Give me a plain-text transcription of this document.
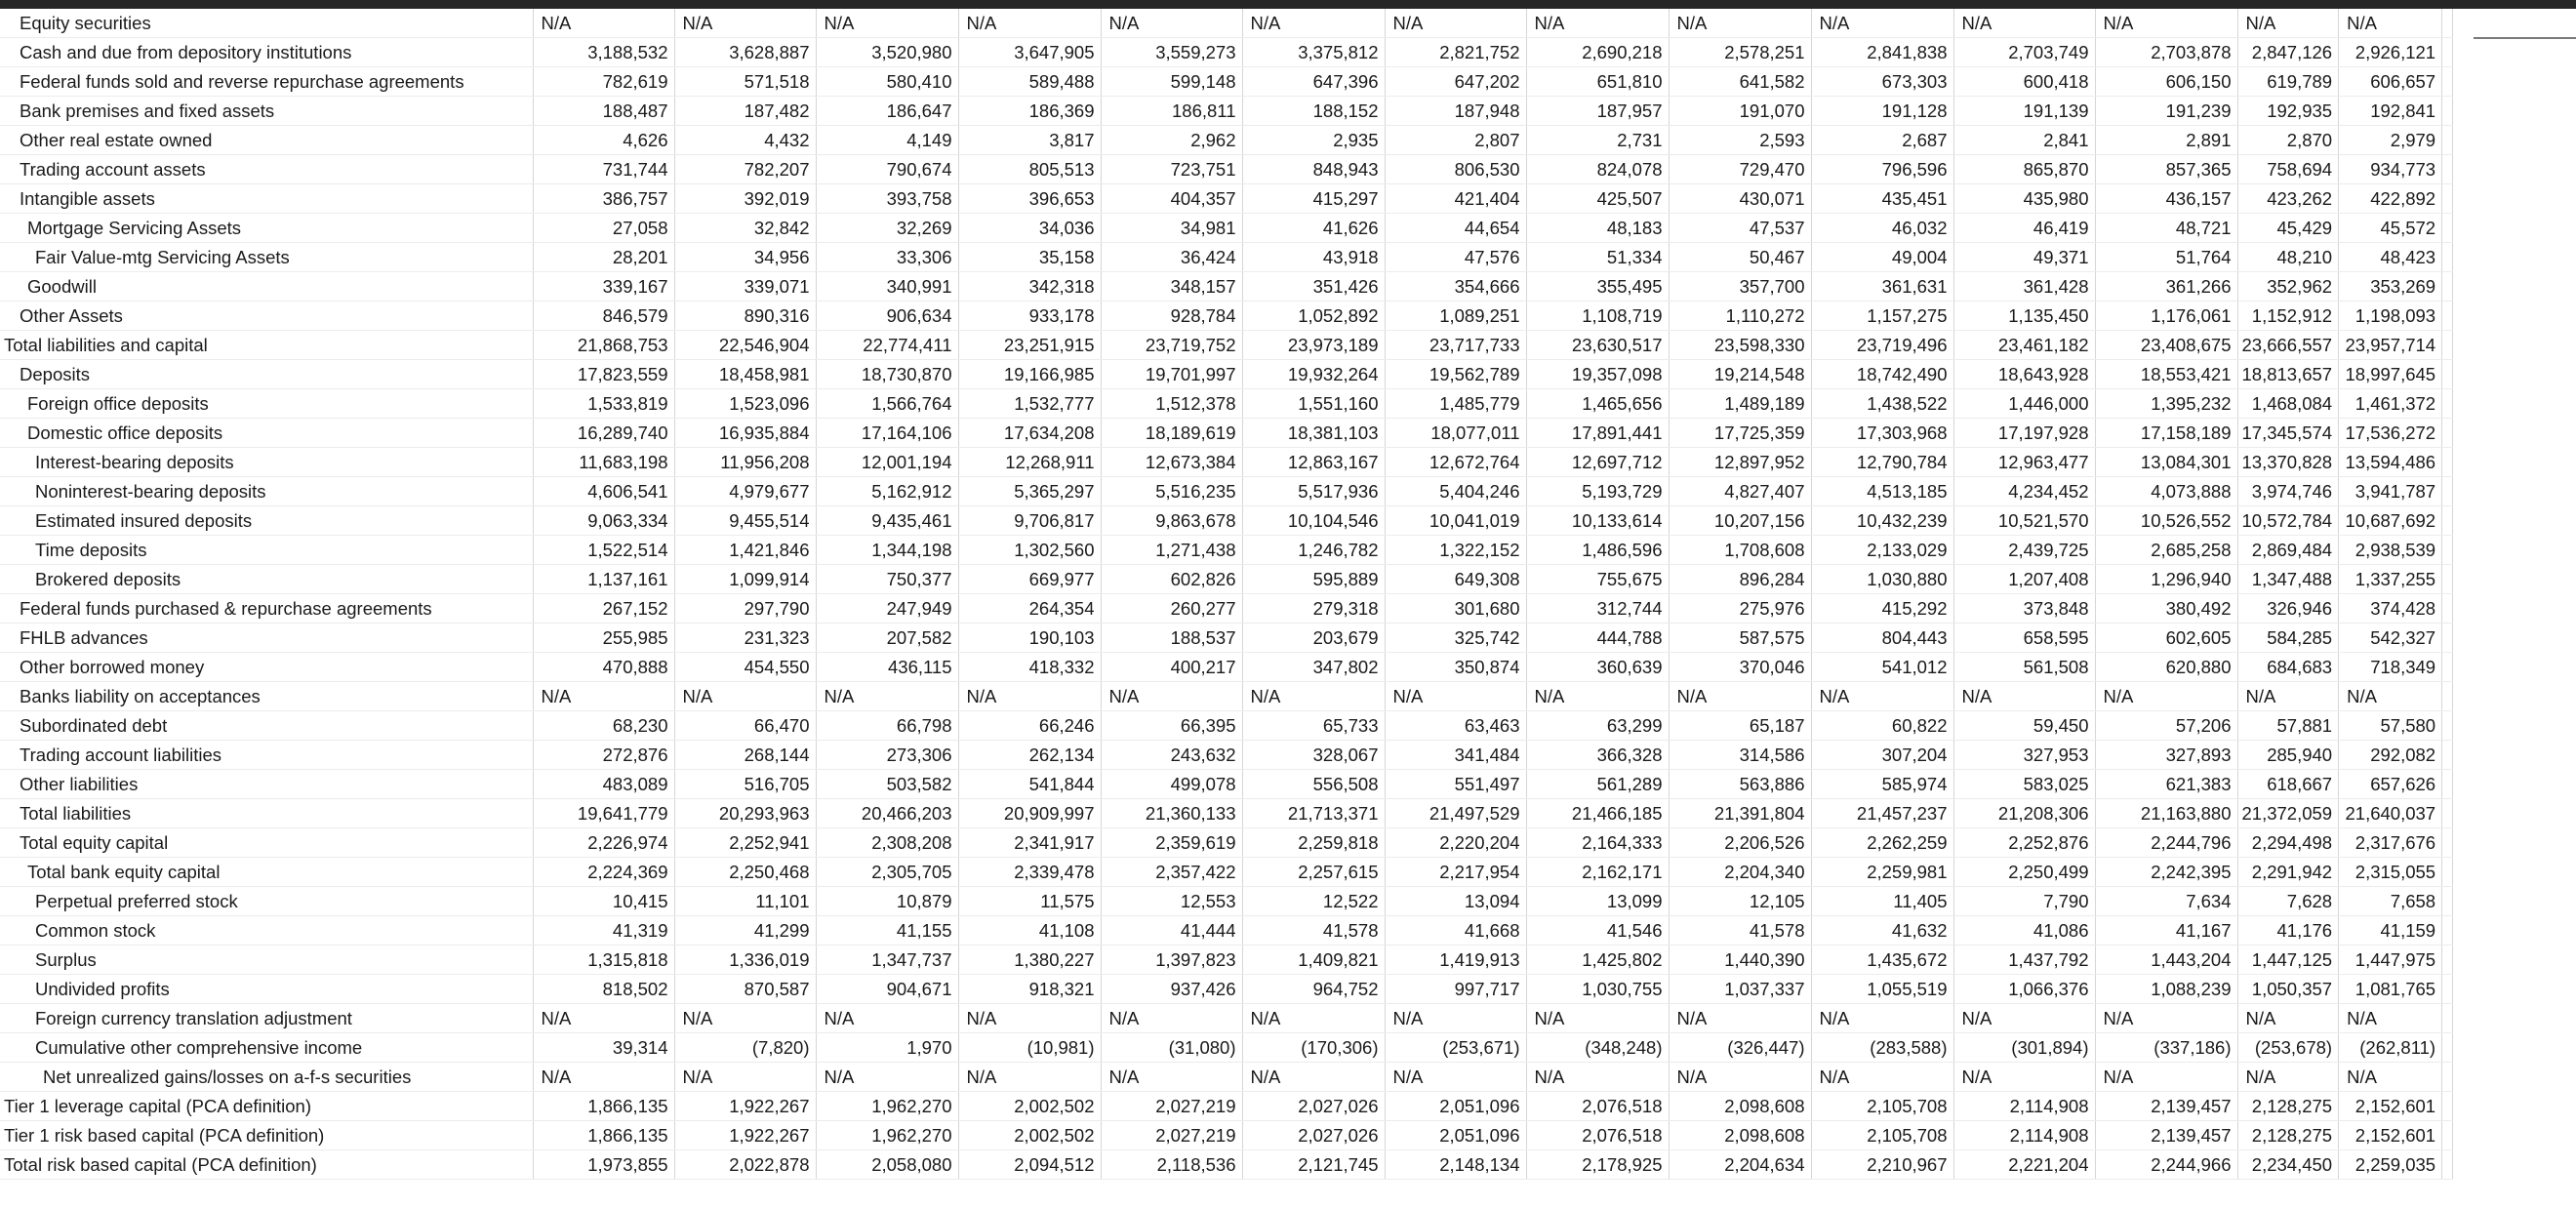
Equity securities	N/A	N/A	N/A	N/A	N/A	N/A	N/A	N/A	N/A	N/A	N/A	N/A	N/A	N/A	
Cash and due from depository institutions	3,188,532	3,628,887	3,520,980	3,647,905	3,559,273	3,375,812	2,821,752	2,690,218	2,578,251	2,841,838	2,703,749	2,703,878	2,847,126	2,926,121	
Federal funds sold and reverse repurchase agreements	782,619	571,518	580,410	589,488	599,148	647,396	647,202	651,810	641,582	673,303	600,418	606,150	619,789	606,657	
Bank premises and fixed assets	188,487	187,482	186,647	186,369	186,811	188,152	187,948	187,957	191,070	191,128	191,139	191,239	192,935	192,841	
Other real estate owned	4,626	4,432	4,149	3,817	2,962	2,935	2,807	2,731	2,593	2,687	2,841	2,891	2,870	2,979	
Trading account assets	731,744	782,207	790,674	805,513	723,751	848,943	806,530	824,078	729,470	796,596	865,870	857,365	758,694	934,773	
Intangible assets	386,757	392,019	393,758	396,653	404,357	415,297	421,404	425,507	430,071	435,451	435,980	436,157	423,262	422,892	
Mortgage Servicing Assets	27,058	32,842	32,269	34,036	34,981	41,626	44,654	48,183	47,537	46,032	46,419	48,721	45,429	45,572	
Fair Value-mtg Servicing Assets	28,201	34,956	33,306	35,158	36,424	43,918	47,576	51,334	50,467	49,004	49,371	51,764	48,210	48,423	
Goodwill	339,167	339,071	340,991	342,318	348,157	351,426	354,666	355,495	357,700	361,631	361,428	361,266	352,962	353,269	
Other Assets	846,579	890,316	906,634	933,178	928,784	1,052,892	1,089,251	1,108,719	1,110,272	1,157,275	1,135,450	1,176,061	1,152,912	1,198,093	
Total liabilities and capital	21,868,753	22,546,904	22,774,411	23,251,915	23,719,752	23,973,189	23,717,733	23,630,517	23,598,330	23,719,496	23,461,182	23,408,675	23,666,557	23,957,714	
Deposits	17,823,559	18,458,981	18,730,870	19,166,985	19,701,997	19,932,264	19,562,789	19,357,098	19,214,548	18,742,490	18,643,928	18,553,421	18,813,657	18,997,645	
Foreign office deposits	1,533,819	1,523,096	1,566,764	1,532,777	1,512,378	1,551,160	1,485,779	1,465,656	1,489,189	1,438,522	1,446,000	1,395,232	1,468,084	1,461,372	
Domestic office deposits	16,289,740	16,935,884	17,164,106	17,634,208	18,189,619	18,381,103	18,077,011	17,891,441	17,725,359	17,303,968	17,197,928	17,158,189	17,345,574	17,536,272	
Interest-bearing deposits	11,683,198	11,956,208	12,001,194	12,268,911	12,673,384	12,863,167	12,672,764	12,697,712	12,897,952	12,790,784	12,963,477	13,084,301	13,370,828	13,594,486	
Noninterest-bearing deposits	4,606,541	4,979,677	5,162,912	5,365,297	5,516,235	5,517,936	5,404,246	5,193,729	4,827,407	4,513,185	4,234,452	4,073,888	3,974,746	3,941,787	
Estimated insured deposits	9,063,334	9,455,514	9,435,461	9,706,817	9,863,678	10,104,546	10,041,019	10,133,614	10,207,156	10,432,239	10,521,570	10,526,552	10,572,784	10,687,692	
Time deposits	1,522,514	1,421,846	1,344,198	1,302,560	1,271,438	1,246,782	1,322,152	1,486,596	1,708,608	2,133,029	2,439,725	2,685,258	2,869,484	2,938,539	
Brokered deposits	1,137,161	1,099,914	750,377	669,977	602,826	595,889	649,308	755,675	896,284	1,030,880	1,207,408	1,296,940	1,347,488	1,337,255	
Federal funds purchased & repurchase agreements	267,152	297,790	247,949	264,354	260,277	279,318	301,680	312,744	275,976	415,292	373,848	380,492	326,946	374,428	
FHLB advances	255,985	231,323	207,582	190,103	188,537	203,679	325,742	444,788	587,575	804,443	658,595	602,605	584,285	542,327	
Other borrowed money	470,888	454,550	436,115	418,332	400,217	347,802	350,874	360,639	370,046	541,012	561,508	620,880	684,683	718,349	
Banks liability on acceptances	N/A	N/A	N/A	N/A	N/A	N/A	N/A	N/A	N/A	N/A	N/A	N/A	N/A	N/A	
Subordinated debt	68,230	66,470	66,798	66,246	66,395	65,733	63,463	63,299	65,187	60,822	59,450	57,206	57,881	57,580	
Trading account liabilities	272,876	268,144	273,306	262,134	243,632	328,067	341,484	366,328	314,586	307,204	327,953	327,893	285,940	292,082	
Other liabilities	483,089	516,705	503,582	541,844	499,078	556,508	551,497	561,289	563,886	585,974	583,025	621,383	618,667	657,626	
Total liabilities	19,641,779	20,293,963	20,466,203	20,909,997	21,360,133	21,713,371	21,497,529	21,466,185	21,391,804	21,457,237	21,208,306	21,163,880	21,372,059	21,640,037	
Total equity capital	2,226,974	2,252,941	2,308,208	2,341,917	2,359,619	2,259,818	2,220,204	2,164,333	2,206,526	2,262,259	2,252,876	2,244,796	2,294,498	2,317,676	
Total bank equity capital	2,224,369	2,250,468	2,305,705	2,339,478	2,357,422	2,257,615	2,217,954	2,162,171	2,204,340	2,259,981	2,250,499	2,242,395	2,291,942	2,315,055	
Perpetual preferred stock	10,415	11,101	10,879	11,575	12,553	12,522	13,094	13,099	12,105	11,405	7,790	7,634	7,628	7,658	
Common stock	41,319	41,299	41,155	41,108	41,444	41,578	41,668	41,546	41,578	41,632	41,086	41,167	41,176	41,159	
Surplus	1,315,818	1,336,019	1,347,737	1,380,227	1,397,823	1,409,821	1,419,913	1,425,802	1,440,390	1,435,672	1,437,792	1,443,204	1,447,125	1,447,975	
Undivided profits	818,502	870,587	904,671	918,321	937,426	964,752	997,717	1,030,755	1,037,337	1,055,519	1,066,376	1,088,239	1,050,357	1,081,765	
Foreign currency translation adjustment	N/A	N/A	N/A	N/A	N/A	N/A	N/A	N/A	N/A	N/A	N/A	N/A	N/A	N/A	
Cumulative other comprehensive income	39,314	(7,820)	1,970	(10,981)	(31,080)	(170,306)	(253,671)	(348,248)	(326,447)	(283,588)	(301,894)	(337,186)	(253,678)	(262,811)	
Net unrealized gains/losses on a-f-s securities	N/A	N/A	N/A	N/A	N/A	N/A	N/A	N/A	N/A	N/A	N/A	N/A	N/A	N/A	
Tier 1 leverage capital (PCA definition)	1,866,135	1,922,267	1,962,270	2,002,502	2,027,219	2,027,026	2,051,096	2,076,518	2,098,608	2,105,708	2,114,908	2,139,457	2,128,275	2,152,601	
Tier 1 risk based capital (PCA definition)	1,866,135	1,922,267	1,962,270	2,002,502	2,027,219	2,027,026	2,051,096	2,076,518	2,098,608	2,105,708	2,114,908	2,139,457	2,128,275	2,152,601	
Total risk based capital (PCA definition)	1,973,855	2,022,878	2,058,080	2,094,512	2,118,536	2,121,745	2,148,134	2,178,925	2,204,634	2,210,967	2,221,204	2,244,966	2,234,450	2,259,035	
